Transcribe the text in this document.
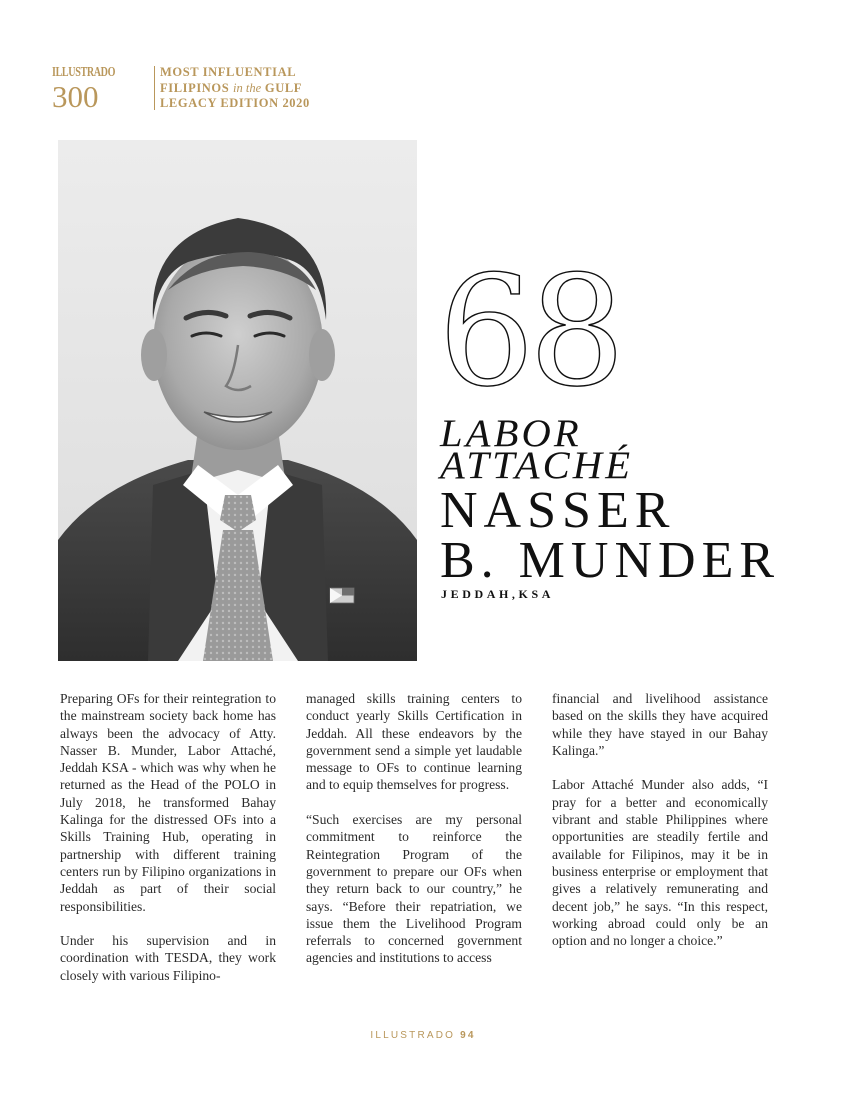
ILLUSTRADO
300
MOST INFLUENTIAL
FILIPINOS in the GULF
LEGACY EDITION 2020
68
LABOR
ATTACHÉ
NASSER
B. MUNDER
JEDDAH,KSA

Preparing OFs for their reintegration to the mainstream society back home has always been the advocacy of Atty. Nasser B. Munder, Labor Attaché, Jeddah KSA - which was why when he returned as the Head of the POLO in July 2018, he transformed Bahay Kalinga for the distressed OFs into a Skills Training Hub, operating in partnership with different training centers run by Filipino organizations in Jeddah as part of their social responsibilities.

Under his supervision and in coordination with TESDA, they work closely with various Filipino-

managed skills training centers to conduct yearly Skills Certification in Jeddah. All these endeavors by the government send a simple yet laudable message to OFs to continue learning and to equip themselves for progress.

“Such exercises are my personal commitment to reinforce the Reintegration Program of the government to prepare our OFs when they return back to our country,” he says. “Before their repatriation, we issue them the Livelihood Program referrals to concerned government agencies and institutions to access

financial and livelihood assistance based on the skills they have acquired while they have stayed in our Bahay Kalinga.”

Labor Attaché Munder also adds, “I pray for a better and economically vibrant and stable Philippines where opportunities are steadily fertile and available for Filipinos, may it be in business enterprise or employment that gives a relatively remunerating and decent job,” he says. “In this respect, working abroad could only be an option and no longer a choice.”

ILLUSTRADO 94
